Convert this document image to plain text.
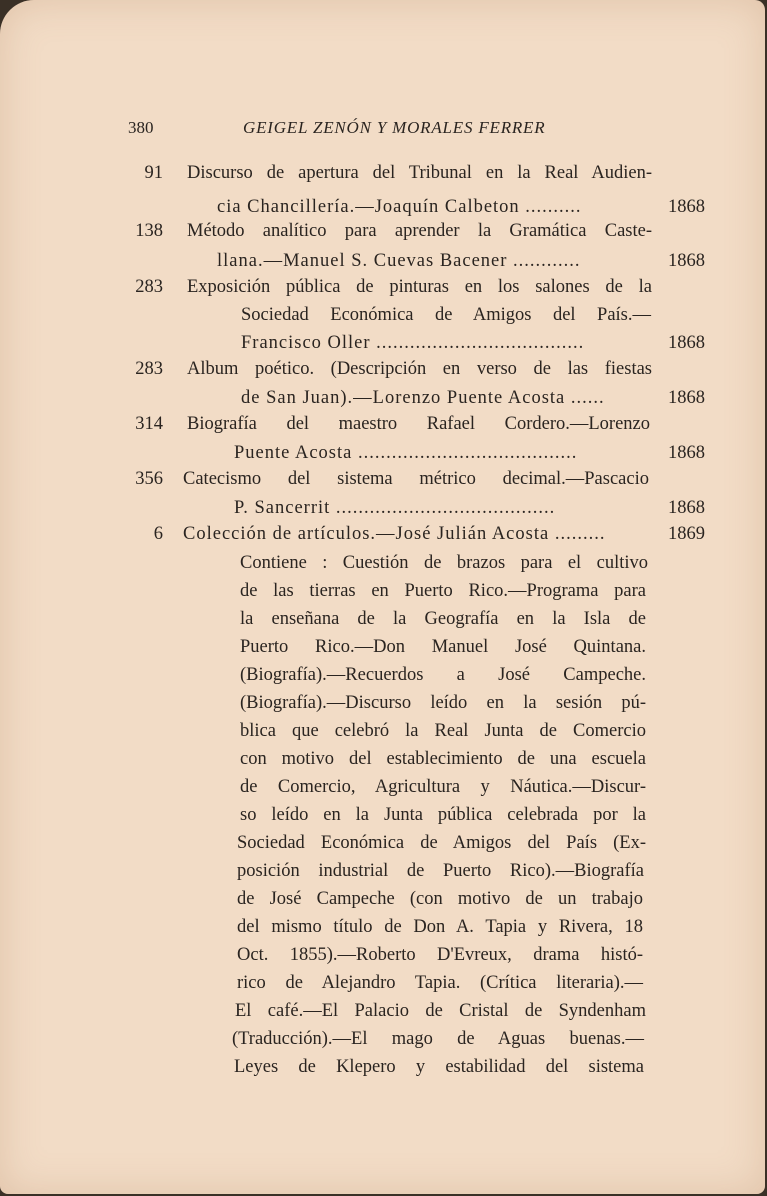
380	GEIGEL ZENÓN Y MORALES FERRER
91 Discurso de apertura del Tribunal en la Real Audien-
cia Chancillería.—Joaquín Calbeton ..........	1868
138 Método analítico para aprender la Gramática Caste-
llana.—Manuel S. Cuevas Bacener ............	1868
283 Exposición pública de pinturas en los salones de la
Sociedad Económica de Amigos del País.—
Francisco Oller .....................................	1868
283 Album poético. (Descripción en verso de las fiestas
de San Juan).—Lorenzo Puente Acosta ......	1868
314 Biografía del maestro Rafael Cordero.—Lorenzo
Puente Acosta .......................................	1868
356 Catecismo del sistema métrico decimal.—Pascacio
P. Sancerrit .......................................	1868
6 Colección de artículos.—José Julián Acosta .........	1869
Contiene : Cuestión de brazos para el cultivo
de las tierras en Puerto Rico.—Programa para
la enseñana de la Geografía en la Isla de
Puerto Rico.—Don Manuel José Quintana.
(Biografía).—Recuerdos a José Campeche.
(Biografía).—Discurso leído en la sesión pú-
blica que celebró la Real Junta de Comercio
con motivo del establecimiento de una escuela
de Comercio, Agricultura y Náutica.—Discur-
so leído en la Junta pública celebrada por la
Sociedad Económica de Amigos del País (Ex-
posición industrial de Puerto Rico).—Biografía
de José Campeche (con motivo de un trabajo
del mismo título de Don A. Tapia y Rivera, 18
Oct. 1855).—Roberto D'Evreux, drama histó-
rico de Alejandro Tapia. (Crítica literaria).—
El café.—El Palacio de Cristal de Syndenham
(Traducción).—El mago de Aguas buenas.—
Leyes de Klepero y estabilidad del sistema
